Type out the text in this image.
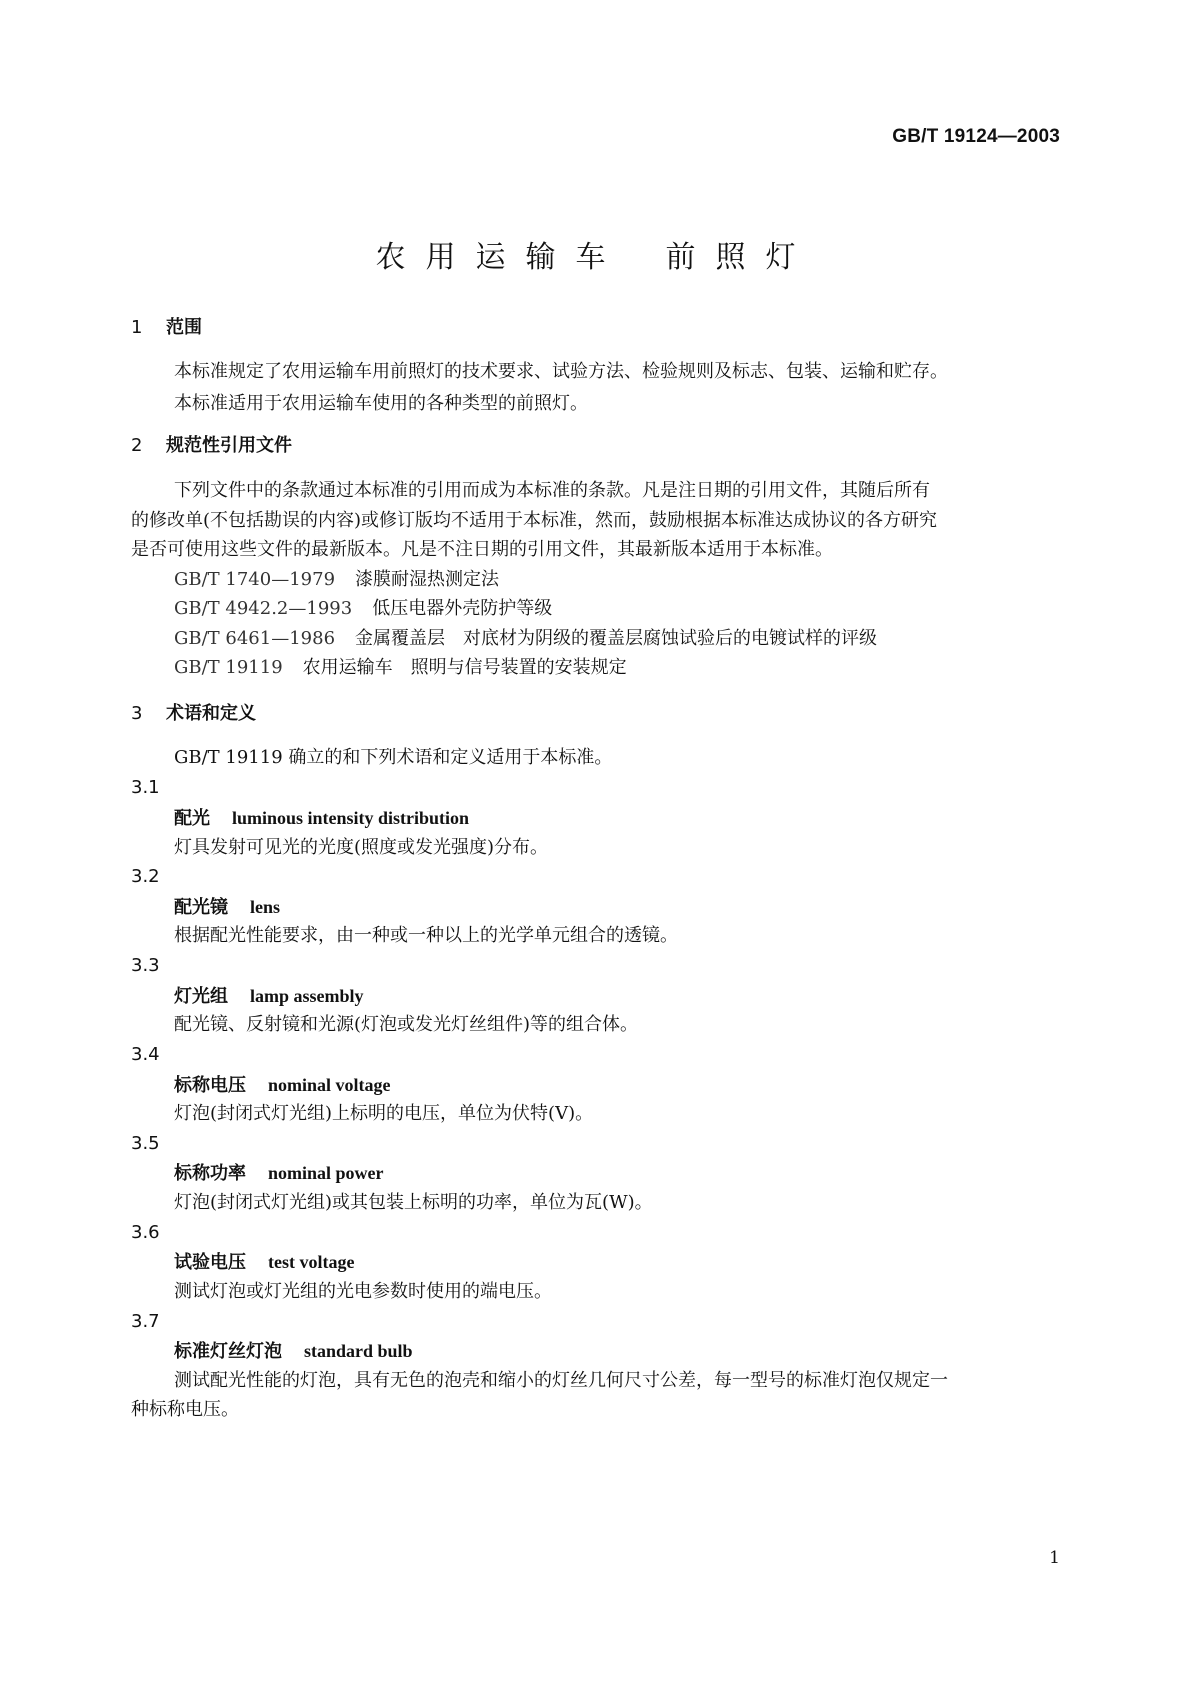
GB/T 19124—2003
农用运输车 前照灯
1 范围
本标准规定了农用运输车用前照灯的技术要求、试验方法、检验规则及标志、包装、运输和贮存。
本标准适用于农用运输车使用的各种类型的前照灯。
2 规范性引用文件
下列文件中的条款通过本标准的引用而成为本标准的条款。凡是注日期的引用文件，其随后所有
的修改单(不包括勘误的内容)或修订版均不适用于本标准，然而，鼓励根据本标准达成协议的各方研究
是否可使用这些文件的最新版本。凡是不注日期的引用文件，其最新版本适用于本标准。
GB/T 1740—1979 漆膜耐湿热测定法
GB/T 4942.2—1993 低压电器外壳防护等级
GB/T 6461—1986 金属覆盖层　对底材为阴级的覆盖层腐蚀试验后的电镀试样的评级
GB/T 19119 农用运输车　照明与信号装置的安装规定
3 术语和定义
GB/T 19119 确立的和下列术语和定义适用于本标准。
3.1
配光 luminous intensity distribution
灯具发射可见光的光度(照度或发光强度)分布。
3.2
配光镜 lens
根据配光性能要求，由一种或一种以上的光学单元组合的透镜。
3.3
灯光组 lamp assembly
配光镜、反射镜和光源(灯泡或发光灯丝组件)等的组合体。
3.4
标称电压 nominal voltage
灯泡(封闭式灯光组)上标明的电压，单位为伏特(V)。
3.5
标称功率 nominal power
灯泡(封闭式灯光组)或其包装上标明的功率，单位为瓦(W)。
3.6
试验电压 test voltage
测试灯泡或灯光组的光电参数时使用的端电压。
3.7
标准灯丝灯泡 standard bulb
测试配光性能的灯泡，具有无色的泡壳和缩小的灯丝几何尺寸公差，每一型号的标准灯泡仅规定一
种标称电压。
1
